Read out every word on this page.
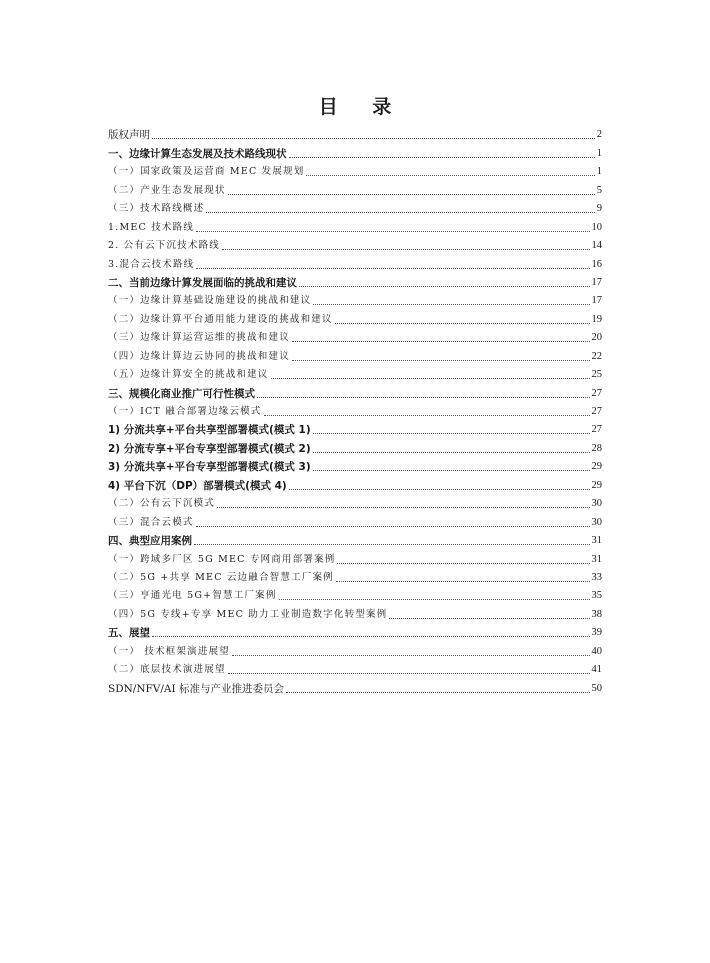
目 录
版权声明	2
一、边缘计算生态发展及技术路线现状	1
（一）国家政策及运营商 MEC 发展规划	1
（二）产业生态发展现状	5
（三）技术路线概述	9
1.MEC 技术路线	10
2. 公有云下沉技术路线	14
3.混合云技术路线	16
二、当前边缘计算发展面临的挑战和建议	17
（一）边缘计算基础设施建设的挑战和建议	17
（二）边缘计算平台通用能力建设的挑战和建议	19
（三）边缘计算运营运维的挑战和建议	20
（四）边缘计算边云协同的挑战和建议	22
（五）边缘计算安全的挑战和建议	25
三、规模化商业推广可行性模式	27
（一）ICT 融合部署边缘云模式	27
1) 分流共享+平台共享型部署模式(模式 1)	27
2) 分流专享+平台专享型部署模式(模式 2)	28
3) 分流共享+平台专享型部署模式(模式 3)	29
4) 平台下沉（DP）部署模式(模式 4)	29
（二）公有云下沉模式	30
（三）混合云模式	30
四、典型应用案例	31
（一）跨域多厂区 5G MEC 专网商用部署案例	31
（二）5G +共享 MEC 云边融合智慧工厂案例	33
（三）亨通光电 5G+智慧工厂案例	35
（四）5G 专线+专享 MEC 助力工业制造数字化转型案例	38
五、展望	39
（一） 技术框架演进展望	40
（二）底层技术演进展望	41
SDN/NFV/AI 标准与产业推进委员会	50
